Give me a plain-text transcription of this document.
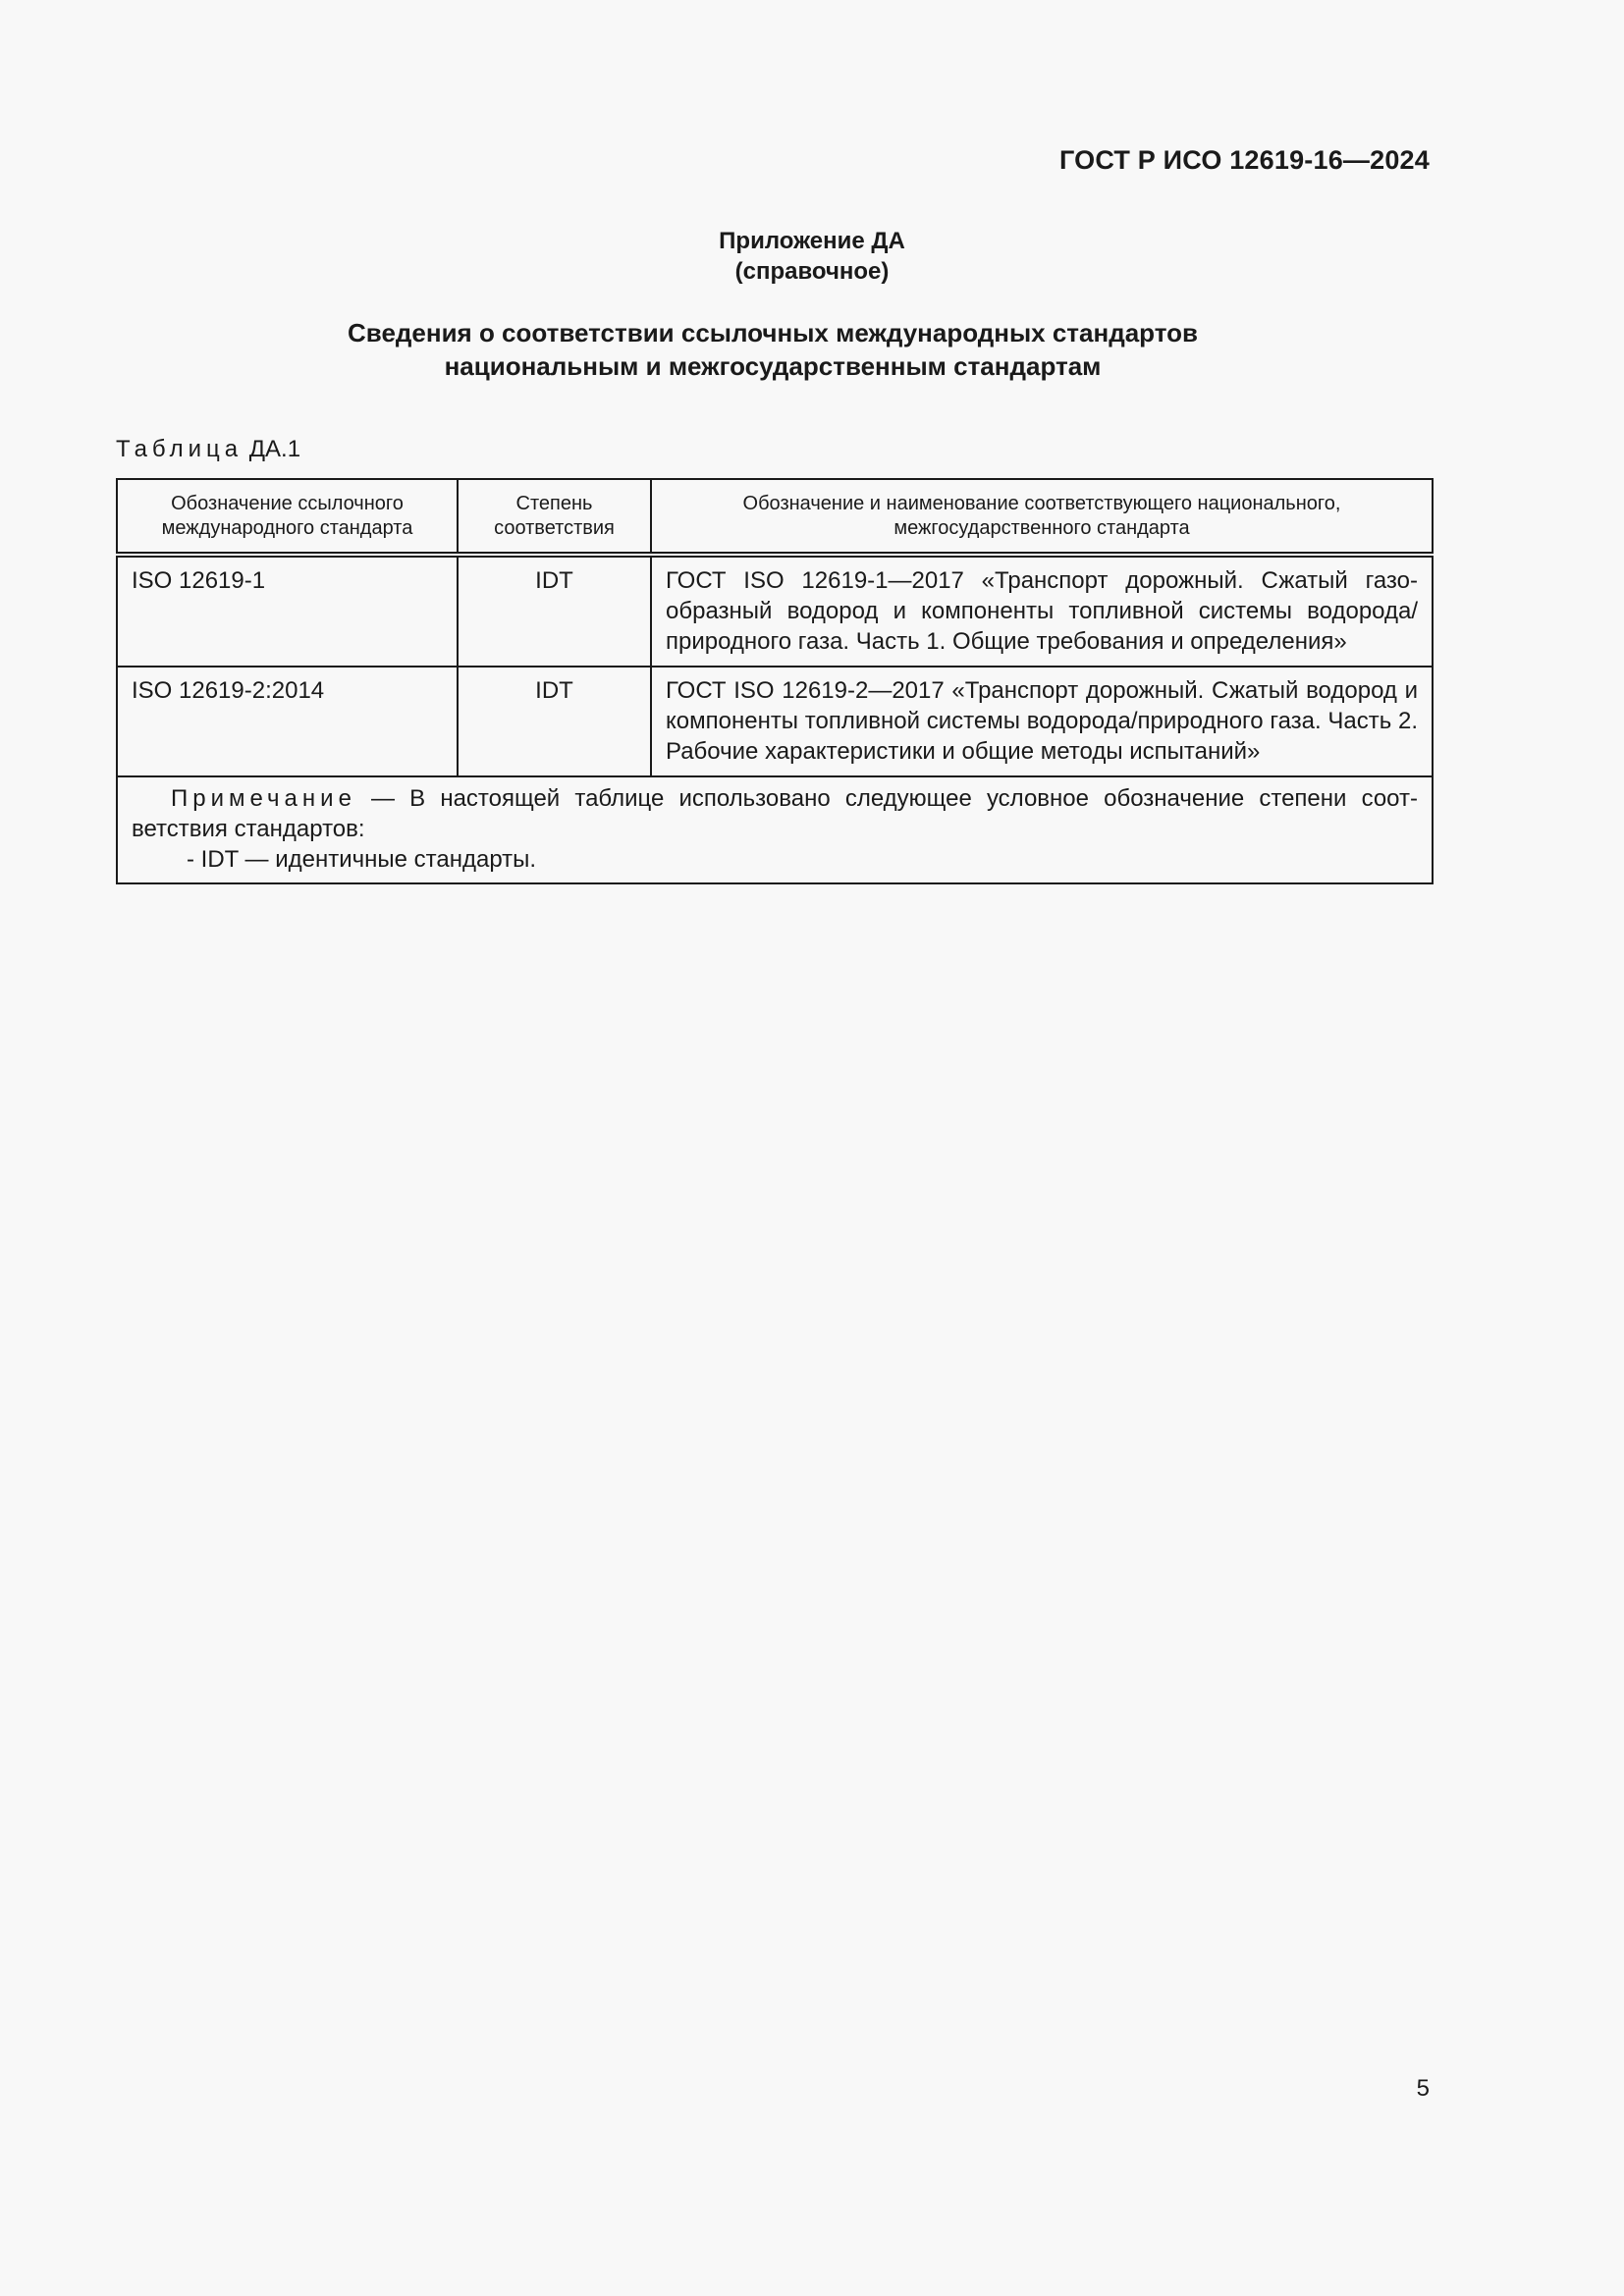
ГОСТ Р ИСО 12619-16—2024
Приложение ДА
(справочное)
Сведения о соответствии ссылочных международных стандартов
национальным и межгосударственным стандартам
Таблица ДА.1
Обозначение ссылочного международного стандарта	Степень соответствия	Обозначение и наименование соответствующего национального, межгосударственного стандарта
ISO 12619-1	IDT	ГОСТ ISO 12619-1—2017 «Транспорт дорожный. Сжатый газообразный водород и компоненты топливной системы водорода/природного газа. Часть 1. Общие требования и определения»
ISO 12619-2:2014	IDT	ГОСТ ISO 12619-2—2017 «Транспорт дорожный. Сжатый водород и компоненты топливной системы водорода/природного газа. Часть 2. Рабочие характеристики и общие методы испытаний»

Примечание — В настоящей таблице использовано следующее условное обозначение степени соответствия стандартов:

- IDT — идентичные стандарты.		

5
